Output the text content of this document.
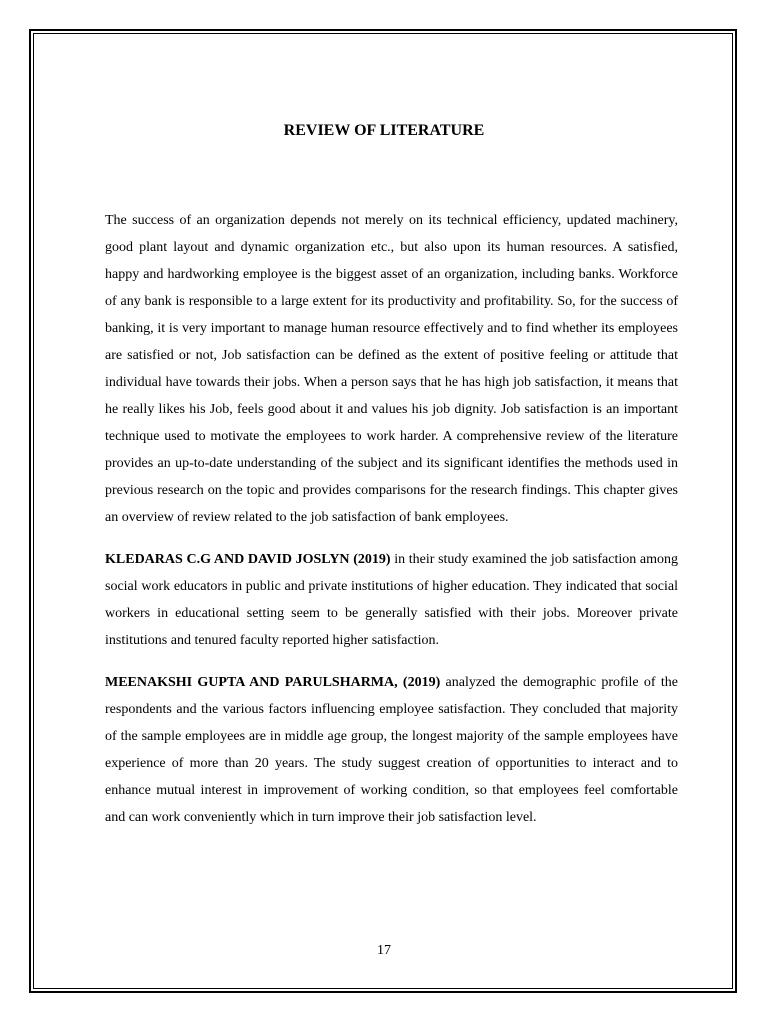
REVIEW OF LITERATURE

The success of an organization depends not merely on its technical efficiency, updated machinery, good plant layout and dynamic organization etc., but also upon its human resources. A satisfied, happy and hardworking employee is the biggest asset of an organization, including banks. Workforce of any bank is responsible to a large extent for its productivity and profitability. So, for the success of banking, it is very important to manage human resource effectively and to find whether its employees are satisfied or not, Job satisfaction can be defined as the extent of positive feeling or attitude that individual have towards their jobs. When a person says that he has high job satisfaction, it means that he really likes his Job, feels good about it and values his job dignity. Job satisfaction is an important technique used to motivate the employees to work harder. A comprehensive review of the literature provides an up-to-date understanding of the subject and its significant identifies the methods used in previous research on the topic and provides comparisons for the research findings. This chapter gives an overview of review related to the job satisfaction of bank employees.

KLEDARAS C.G AND DAVID JOSLYN (2019) in their study examined the job satisfaction among social work educators in public and private institutions of higher education. They indicated that social workers in educational setting seem to be generally satisfied with their jobs. Moreover private institutions and tenured faculty reported higher satisfaction.

MEENAKSHI GUPTA AND PARULSHARMA, (2019) analyzed the demographic profile of the respondents and the various factors influencing employee satisfaction. They concluded that majority of the sample employees are in middle age group, the longest majority of the sample employees have experience of more than 20 years. The study suggest creation of opportunities to interact and to enhance mutual interest in improvement of working condition, so that employees feel comfortable and can work conveniently which in turn improve their job satisfaction level.

17
